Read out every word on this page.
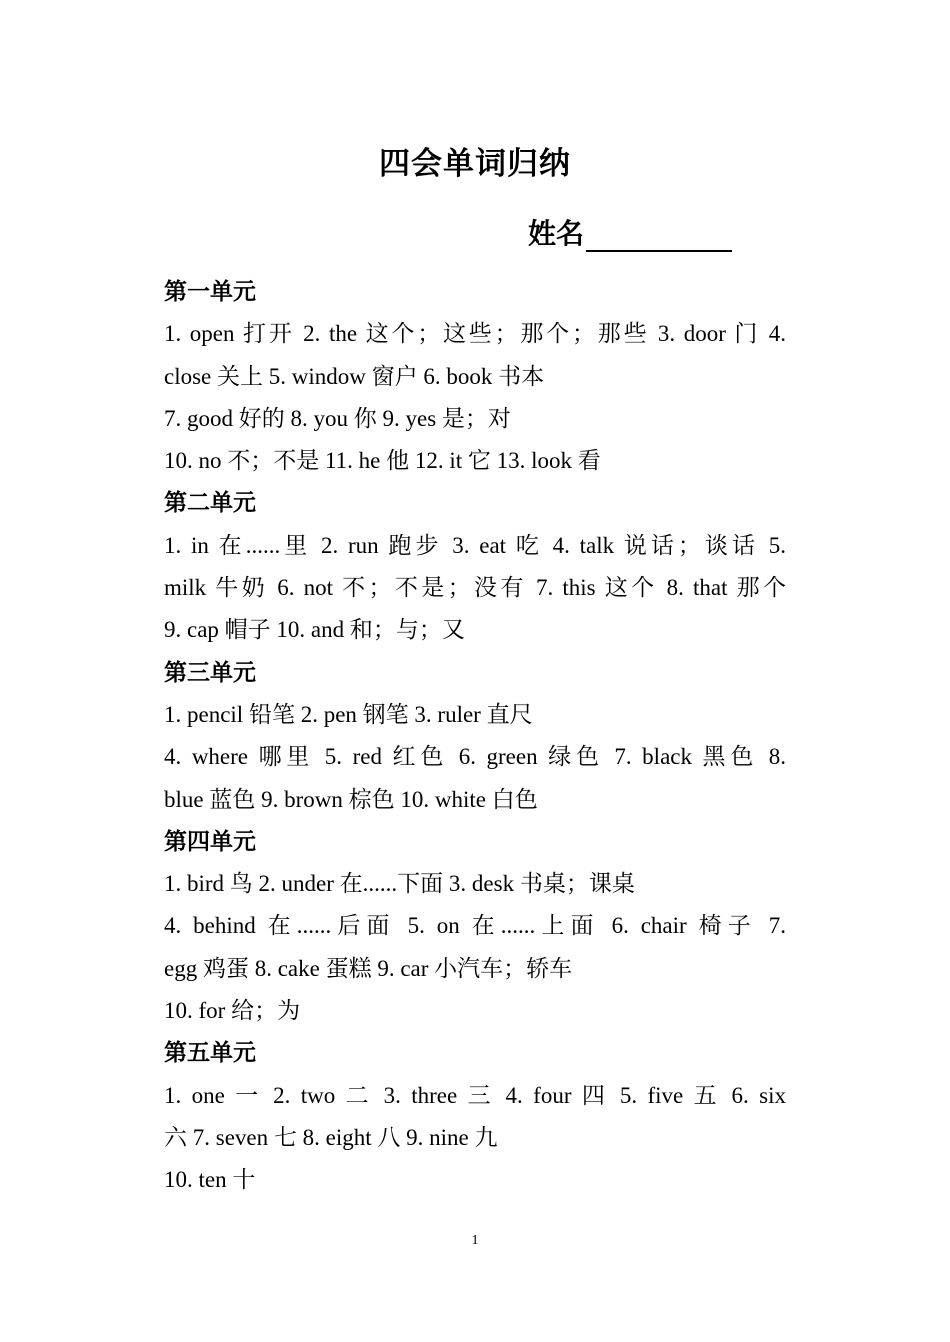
四会单词归纳
姓名

第一单元

1. open 打开 2. the 这个；这些；那个；那些 3. door 门 4.

close 关上 5. window 窗户 6. book 书本

7. good 好的 8. you 你 9. yes 是；对

10. no 不；不是 11. he 他 12. it 它 13. look 看

第二单元

1. in 在......里 2. run 跑步 3. eat 吃 4. talk 说话；谈话 5.

milk 牛奶 6. not 不；不是；没有 7. this 这个 8. that 那个

9. cap 帽子 10. and 和；与；又

第三单元

1. pencil 铅笔 2. pen 钢笔 3. ruler 直尺

4. where 哪里 5. red 红色 6. green 绿色 7. black 黑色 8.

blue 蓝色 9. brown 棕色 10. white 白色

第四单元

1. bird 鸟 2. under 在......下面 3. desk 书桌；课桌

4. behind 在......后面 5. on 在......上面 6. chair 椅子 7.

egg 鸡蛋 8. cake 蛋糕 9. car 小汽车；轿车

10. for 给；为

第五单元

1. one 一 2. two 二 3. three 三 4. four 四 5. five 五 6. six

六 7. seven 七 8. eight 八 9. nine 九

10. ten 十

1
